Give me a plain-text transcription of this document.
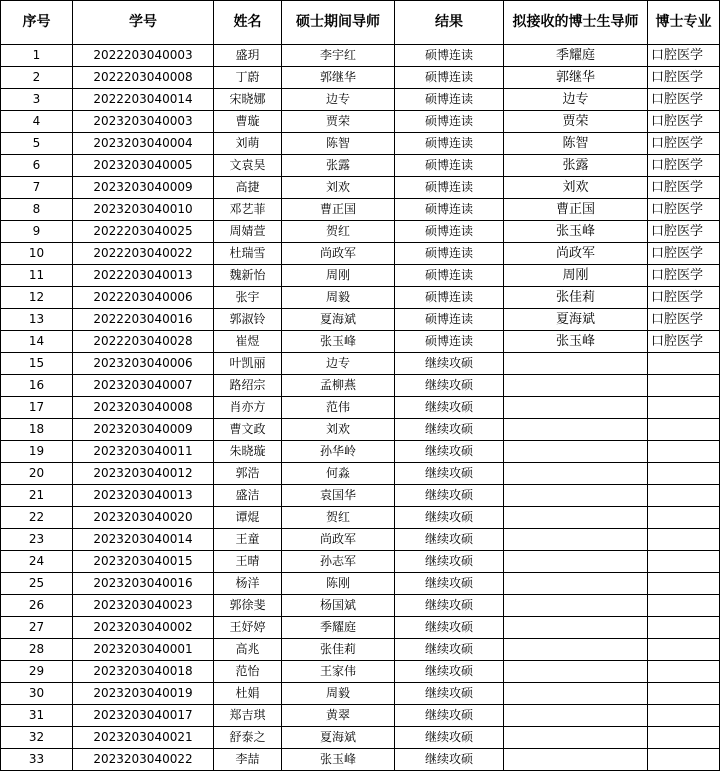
序号	学号	姓名	硕士期间导师	结果	拟接收的博士生导师	博士专业
1	2022203040003	盛玥	李宇红	硕博连读	季耀庭	口腔医学
2	2022203040008	丁蔚	郭继华	硕博连读	郭继华	口腔医学
3	2022203040014	宋晓娜	边专	硕博连读	边专	口腔医学
4	2023203040003	曹璇	贾荣	硕博连读	贾荣	口腔医学
5	2023203040004	刘萌	陈智	硕博连读	陈智	口腔医学
6	2023203040005	文袁昊	张露	硕博连读	张露	口腔医学
7	2023203040009	高捷	刘欢	硕博连读	刘欢	口腔医学
8	2023203040010	邓艺菲	曹正国	硕博连读	曹正国	口腔医学
9	2022203040025	周婧萱	贺红	硕博连读	张玉峰	口腔医学
10	2022203040022	杜瑞雪	尚政军	硕博连读	尚政军	口腔医学
11	2022203040013	魏新怡	周刚	硕博连读	周刚	口腔医学
12	2022203040006	张宇	周毅	硕博连读	张佳莉	口腔医学
13	2022203040016	郭淑铃	夏海斌	硕博连读	夏海斌	口腔医学
14	2022203040028	崔煜	张玉峰	硕博连读	张玉峰	口腔医学
15	2023203040006	叶凯丽	边专	继续攻硕		
16	2023203040007	路绍宗	孟柳燕	继续攻硕		
17	2023203040008	肖亦方	范伟	继续攻硕		
18	2023203040009	曹文政	刘欢	继续攻硕		
19	2023203040011	朱晓璇	孙华岭	继续攻硕		
20	2023203040012	郭浩	何淼	继续攻硕		
21	2023203040013	盛洁	袁国华	继续攻硕		
22	2023203040020	谭焜	贺红	继续攻硕		
23	2023203040014	王童	尚政军	继续攻硕		
24	2023203040015	王晴	孙志军	继续攻硕		
25	2023203040016	杨洋	陈刚	继续攻硕		
26	2023203040023	郭徐斐	杨国斌	继续攻硕		
27	2023203040002	王妤婷	季耀庭	继续攻硕		
28	2023203040001	高兆	张佳莉	继续攻硕		
29	2023203040018	范怡	王家伟	继续攻硕		
30	2023203040019	杜娟	周毅	继续攻硕		
31	2023203040017	郑吉琪	黄翠	继续攻硕		
32	2023203040021	舒泰之	夏海斌	继续攻硕		
33	2023203040022	李喆	张玉峰	继续攻硕		
